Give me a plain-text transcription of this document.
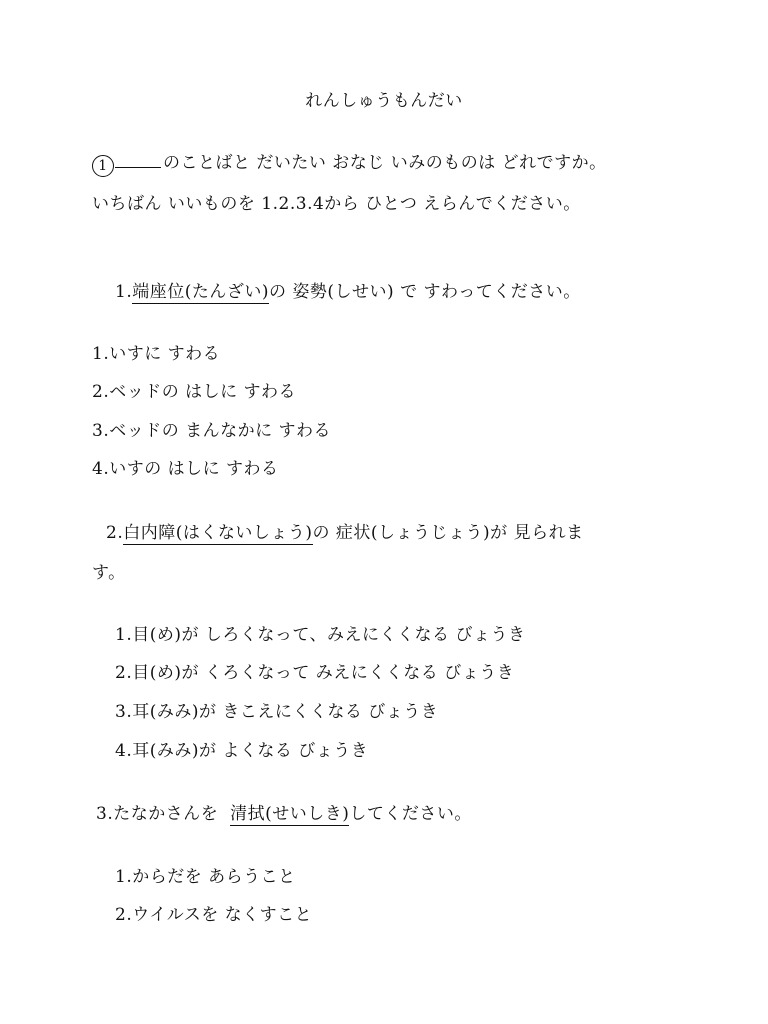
れんしゅうもんだい
1	のことばと だいたい おなじ いみのものは どれですか。
いちばん いいものを 1.2.3.4から ひとつ えらんでください。
1.端座位(たんざい)の 姿勢(しせい) で すわってください。
1.いすに すわる
2.ベッドの はしに すわる
3.ベッドの まんなかに すわる
4.いすの はしに すわる
2.白内障(はくないしょう)の 症状(しょうじょう)が 見られま
す。
1.目(め)が しろくなって、みえにくくなる びょうき
2.目(め)が くろくなって みえにくくなる びょうき
3.耳(みみ)が きこえにくくなる びょうき
4.耳(みみ)が よくなる びょうき
3.たなかさんを 清拭(せいしき)してください。
1.からだを あらうこと
2.ウイルスを なくすこと
